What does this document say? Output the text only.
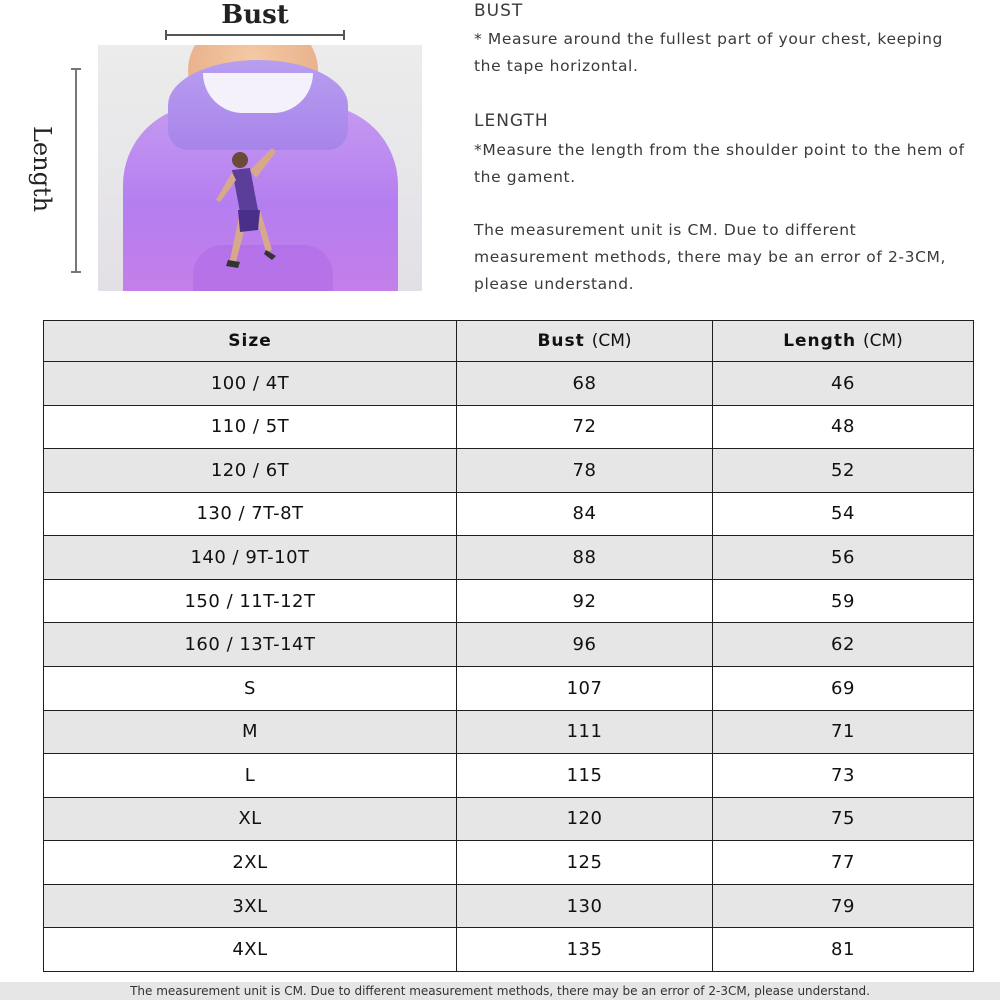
Bust
Length

BUST

* Measure around the fullest part of your chest, keeping the tape horizontal.

LENGTH

*Measure the length from the shoulder point to the hem of the gament.

The measurement unit is CM. Due to different measurement methods, there may be an error of 2-3CM, please understand.

Size	Bust (CM)	Length (CM)
100 / 4T	68	46
110 / 5T	72	48
120 / 6T	78	52
130 / 7T-8T	84	54
140 / 9T-10T	88	56
150 / 11T-12T	92	59
160 / 13T-14T	96	62
S	107	69
M	111	71
L	115	73
XL	120	75
2XL	125	77
3XL	130	79
4XL	135	81
The measurement unit is CM. Due to different measurement methods, there may be an error of 2-3CM, please understand.
